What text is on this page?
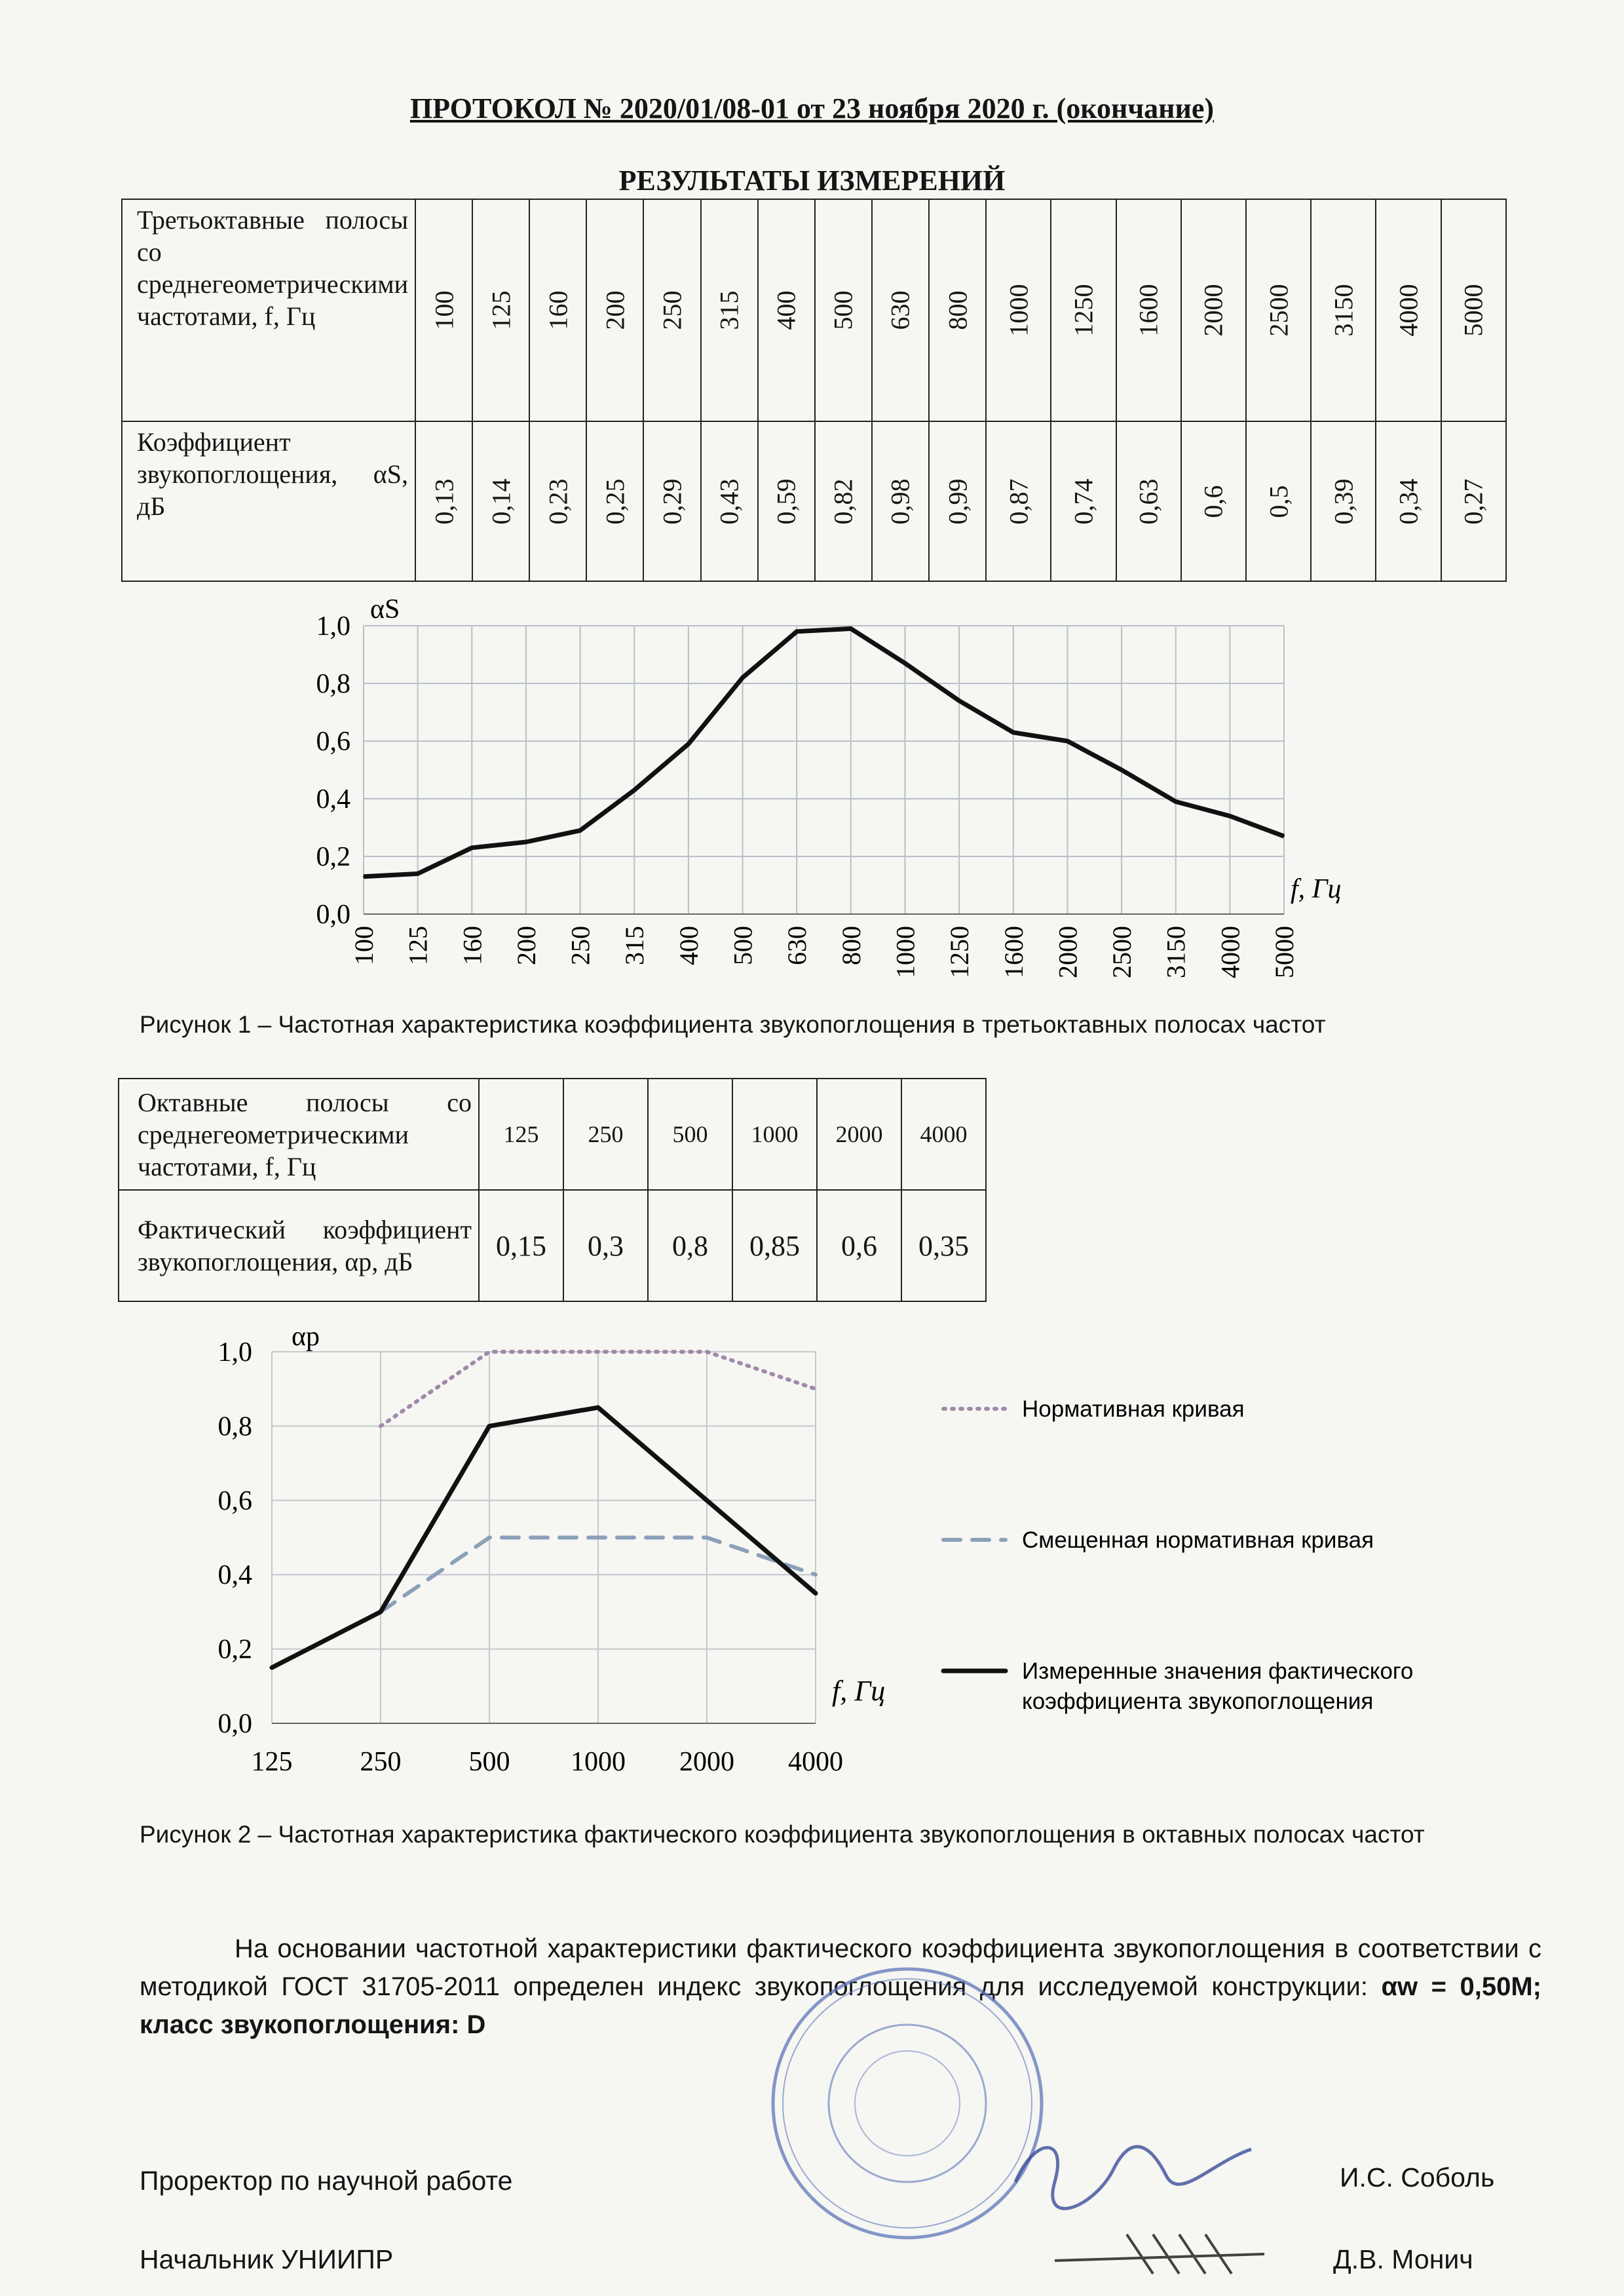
ПРОТОКОЛ № 2020/01/08-01 от 23 ноября 2020 г. (окончание)
РЕЗУЛЬТАТЫ ИЗМЕРЕНИЙ
Третьоктавные полосы со среднегеометрическими частотами, f, Гц	100	125	160	200	250	315	400	500	630	800	1000	1250	1600	2000	2500	3150	4000	5000
Коэффициент звукопоглощения, αS, дБ	0,13	0,14	0,23	0,25	0,29	0,43	0,59	0,82	0,98	0,99	0,87	0,74	0,63	0,6	0,5	0,39	0,34	0,27
0,0
0,2
0,4
0,6
0,8
1,0
100 125 160 200 250 315 400 500 630 800 1000 1250 1600 2000 2500 3150 4000 5000
αS
f, Гц
Рисунок 1 – Частотная характеристика коэффициента звукопоглощения в третьоктавных полосах частот
Октавные полосы со среднегеометрическими частотами, f, Гц	125	250	500	1000	2000	4000
Фактический коэффициент звукопоглощения, αp, дБ	0,15	0,3	0,8	0,85	0,6	0,35
125 250 500 1000 2000 4000
0,0
0,2
0,4
0,6
0,8
1,0
αp
f, Гц
Нормативная кривая
Смещенная нормативная кривая
Измеренные значения фактического
коэффициента звукопоглощения
Рисунок 2 – Частотная характеристика фактического коэффициента звукопоглощения в октавных полосах частот
На основании частотной характеристики фактического коэффициента звукопоглощения в соответствии с методикой ГОСТ 31705-2011 определен индекс звукопоглощения для исследуемой конструкции: αw = 0,50M; класс звукопоглощения: D
Проректор по научной работе	И.С. Соболь
Начальник УНИИПР	Д.В. Монич
